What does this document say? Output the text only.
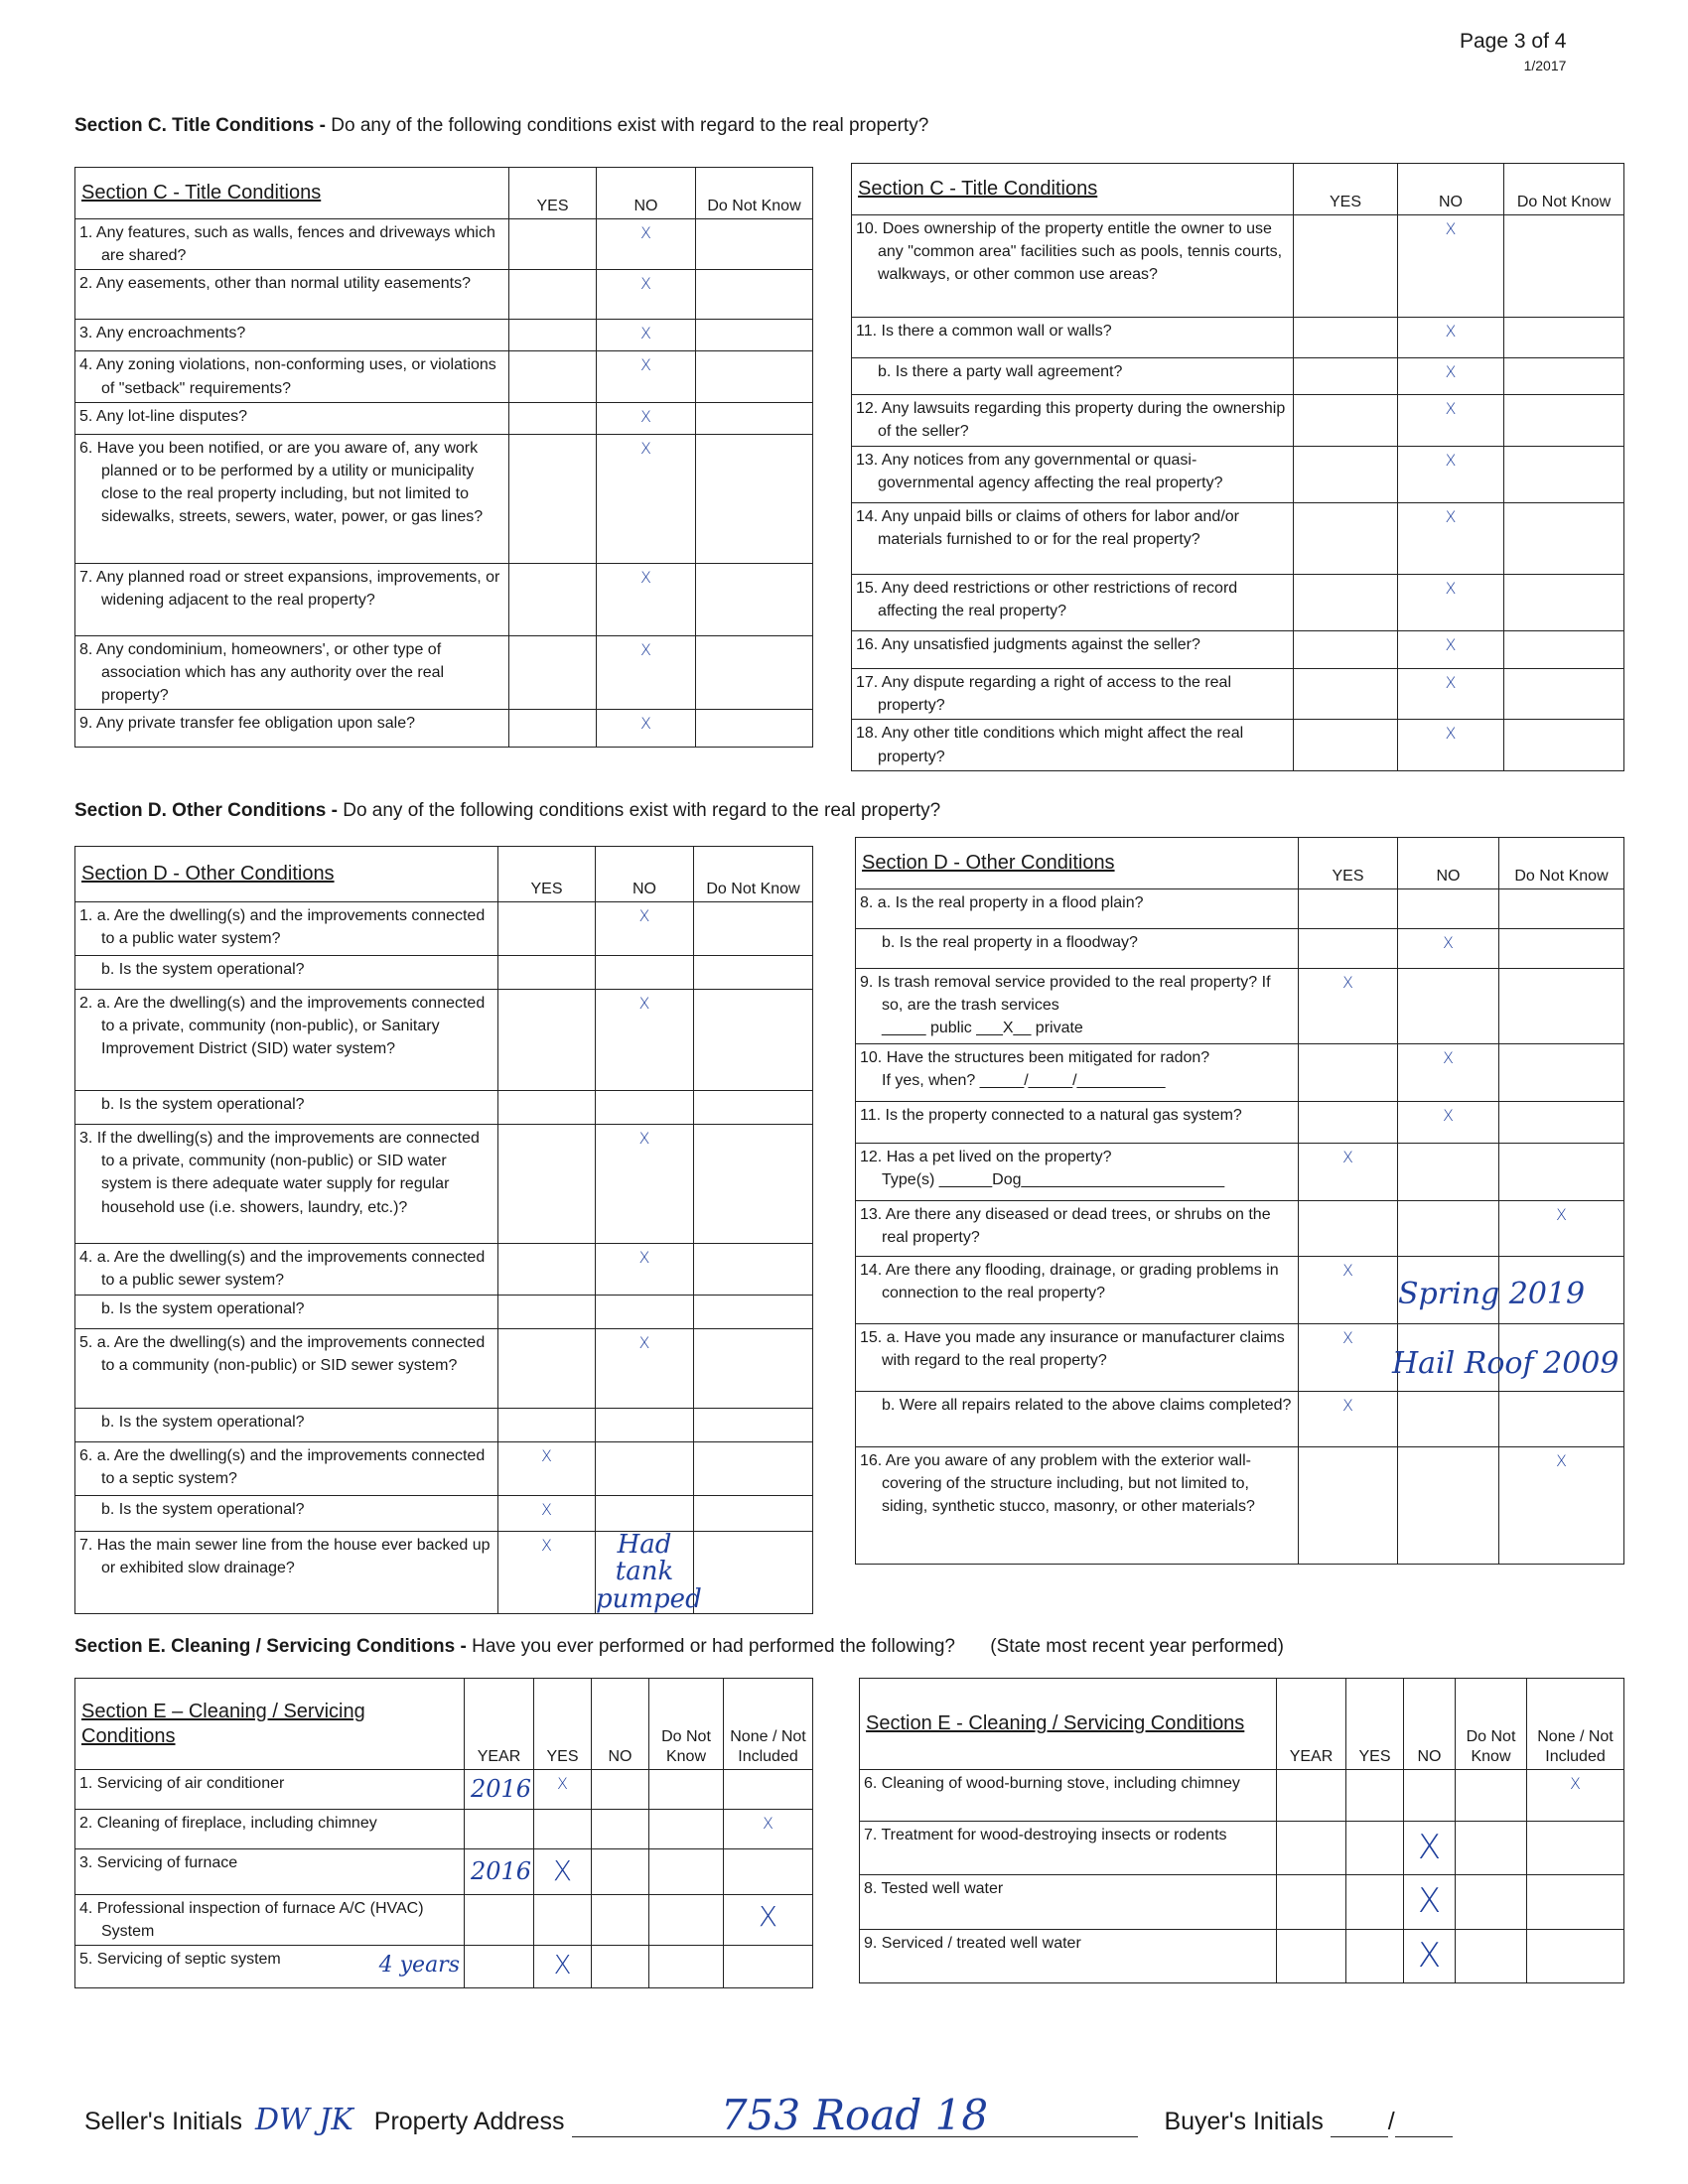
Page 3 of 4
1/2017
Section C. Title Conditions - Do any of the following conditions exist with regard to the real property?
Section C - Title Conditions	YES	NO	Do Not Know

1. Any features, such as walls, fences and driveways which are shared?		X	

2. Any easements, other than normal utility easements?		X	

3. Any encroachments?		X	

4. Any zoning violations, non-conforming uses, or violations of "setback" requirements?		X	

5. Any lot-line disputes?		X	

6. Have you been notified, or are you aware of, any work planned or to be performed by a utility or municipality close to the real property including, but not limited to sidewalks, streets, sewers, water, power, or gas lines?		X	

7. Any planned road or street expansions, improvements, or widening adjacent to the real property?		X	

8. Any condominium, homeowners', or other type of association which has any authority over the real property?		X	

9. Any private transfer fee obligation upon sale?		X	
Section C - Title Conditions	YES	NO	Do Not Know

10. Does ownership of the property entitle the owner to use any "common area" facilities such as pools, tennis courts, walkways, or other common use areas?		X	

11. Is there a common wall or walls?		X	

b. Is there a party wall agreement?		X	

12. Any lawsuits regarding this property during the ownership of the seller?		X	

13. Any notices from any governmental or quasi-governmental agency affecting the real property?		X	

14. Any unpaid bills or claims of others for labor and/or materials furnished to or for the real property?		X	

15. Any deed restrictions or other restrictions of record affecting the real property?		X	

16. Any unsatisfied judgments against the seller?		X	

17. Any dispute regarding a right of access to the real property?		X	

18. Any other title conditions which might affect the real property?		X	
Section D. Other Conditions - Do any of the following conditions exist with regard to the real property?
Section D - Other Conditions	YES	NO	Do Not Know

1. a. Are the dwelling(s) and the improvements connected to a public water system?		X	

b. Is the system operational?			

2. a. Are the dwelling(s) and the improvements connected to a private, community (non-public), or Sanitary Improvement District (SID) water system?		X	

b. Is the system operational?			

3. If the dwelling(s) and the improvements are connected to a private, community (non-public) or SID water system is there adequate water supply for regular household use (i.e. showers, laundry, etc.)?		X	

4. a. Are the dwelling(s) and the improvements connected to a public sewer system?		X	

b. Is the system operational?			

5. a. Are the dwelling(s) and the improvements connected to a community (non-public) or SID sewer system?		X	

b. Is the system operational?			

6. a. Are the dwelling(s) and the improvements connected to a septic system?	X		

b. Is the system operational?	X		

7. Has the main sewer line from the house ever backed up or exhibited slow drainage?	X	Had tank pumped	

Section D - Other Conditions	YES	NO	Do Not Know

8. a. Is the real property in a flood plain?			

b. Is the real property in a floodway?		X	

9. Is trash removal service provided to the real property? If so, are the trash services
_____ public ___X__ private	X		

10. Have the structures been mitigated for radon?
If yes, when? _____/_____/__________		X	

11. Is the property connected to a natural gas system?		X	

12. Has a pet lived on the property?
Type(s) ______Dog_______________________	X		

13. Are there any diseased or dead trees, or shrubs on the real property?			X

14. Are there any flooding, drainage, or grading problems in connection to the real property?	X
Spring 2019		

15. a. Have you made any insurance or manufacturer claims with regard to the real property?	X
Hail Roof 2009		

b. Were all repairs related to the above claims completed?	X		

16. Are you aware of any problem with the exterior wall-covering of the structure including, but not limited to, siding, synthetic stucco, masonry, or other materials?			X
Section E. Cleaning / Servicing Conditions - Have you ever performed or had performed the following? (State most recent year performed)
Section E – Cleaning / Servicing Conditions	YEAR	YES	NO	Do Not Know	None / Not Included

1. Servicing of air conditioner	2016	X			

2. Cleaning of fireplace, including chimney					X

3. Servicing of furnace	2016	X			

4. Professional inspection of furnace A/C (HVAC) System					X

5. Servicing of septic system 4 years		X			
Section E - Cleaning / Servicing Conditions	YEAR	YES	NO	Do Not Know	None / Not Included

6. Cleaning of wood-burning stove, including chimney					X

7. Treatment for wood-destroying insects or rodents			X		

8. Tested well water			X		

9. Serviced / treated well water			X		
Seller's Initials DW JK Property Address	753 Road 18	Buyer's Initials	/
